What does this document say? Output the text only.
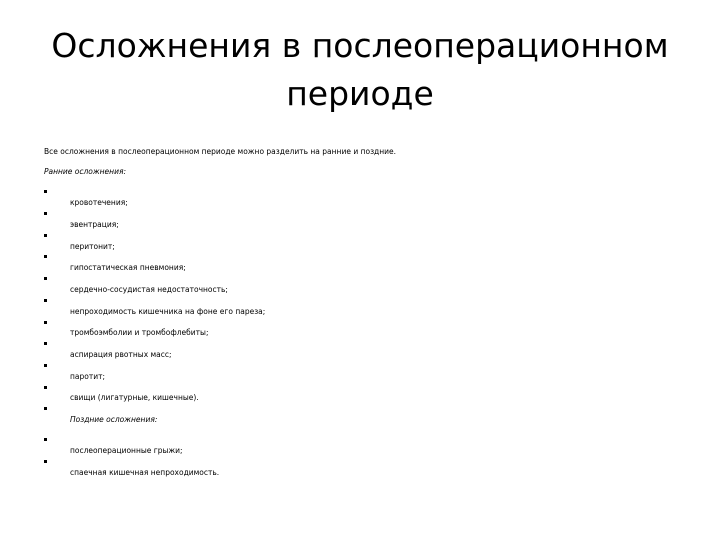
Осложнения в послеоперационном
периоде

Все осложнения в послеоперационном периоде можно разделить на ранние и поздние.

Ранние осложнения:

кровотечения;
эвентрация;
перитонит;
гипостатическая пневмония;
сердечно-сосудистая недостаточность;
непроходимость кишечника на фоне его пареза;
тромбоэмболии и тромбофлебиты;
аспирация рвотных масс;
паротит;
свищи (лигатурные, кишечные).
Поздние осложнения:
послеоперационные грыжи;
спаечная кишечная непроходимость.
